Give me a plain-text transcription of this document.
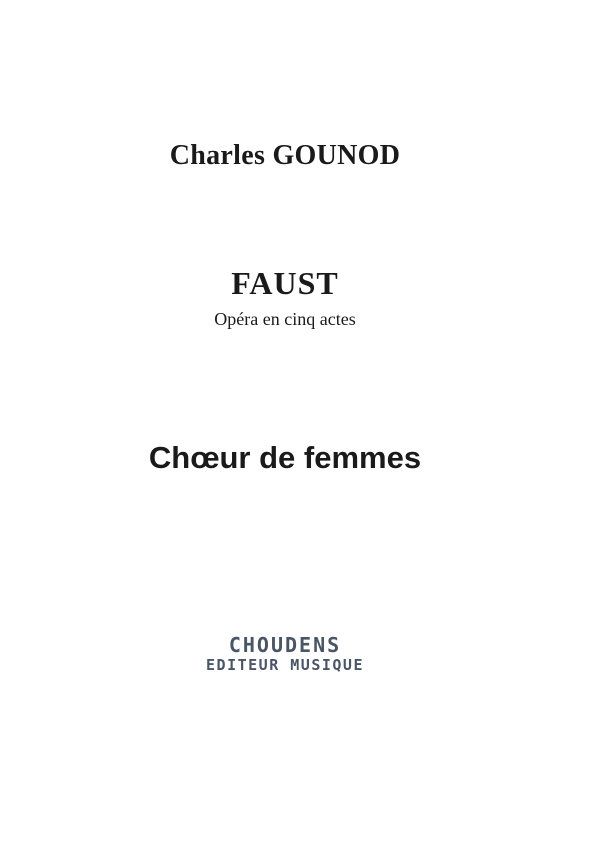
Charles GOUNOD
FAUST
Opéra en cinq actes
Chœur de femmes
CHOUDENS
EDITEUR MUSIQUE
